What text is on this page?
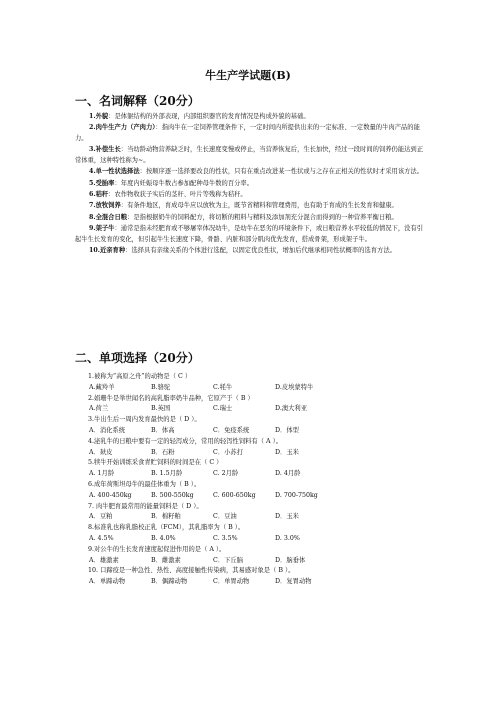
牛生产学试题(B)
一、名词解释（20分）

1.外貌：是体躯结构的外部表现，内部组织器官的发育情况是构成外貌的基础。

2.肉牛生产力（产肉力）：指肉牛在一定饲养管理条件下，一定时间内所提供出来的一定标准、一定数量的牛肉产品的能力。

3.补偿生长：当幼龄动物营养缺乏时，生长速度变慢或停止，当营养恢复后，生长加快，经过一段时间的饲养仍能达到正常体重，这种特性称为~。

4.单一性状选择法：按顺序逐一选择要改良的性状，只有在重点改进某一性状或与之存在正相关的性状时才采用该方法。

5.受胎率：年度内妊娠母牛数占参加配种母牛数的百分率。

6.秸秆：农作物收获子实后的茎秆、叶片等残称为秸秆。

7.放牧饲养：有条件地区，育成母牛应以放牧为主，既节省精料和管理费用，也有助于育成的生长发育和健康。

8.全混合日粮：是指根据奶牛的饲料配方，将切断的粗料与精料及添加剂充分混合而得到的一种营养平衡日粮。

9.架子牛：通常是指未经肥育或不够屠宰体况幼牛，是幼牛在恶劣的环境条件下，或日粮营养水平较低的情况下，没有引起牛生长发育的变化，但引起牛生长速度下降，骨骼、内脏和部分肌肉优先发育，搭成骨架，形成架子牛。

10.近亲育种：选择具有亲缘关系的个体进行选配，以固定优良性状，增加后代继承相同性状概率的选育方法。

二、单项选择（20分）
1.被称为“高原之舟”的动物是（ C ）
A.藏羚羊	B.骆驼	C.牦牛	D.皮埃蒙特牛
2.娟珊牛是举世闻名的高乳脂率奶牛品种，它原产于（ B ）
A.荷兰	B.英国	C.瑞士	D.澳大利亚
3.牛出生后一周内发育最快的是（ D ）。
A．消化系统	B．体高	C．免疫系统	D．体型
4.泌乳牛的日粮中要有一定的轻泻成分，常用的轻泻性饲料有（ A ）。
A．麸皮	B．石粉	C．小苏打	D．玉米
5.犊牛开始训练采食青贮饲料的时间是在（ C ）
A. 1月龄	B. 1.5月龄	C. 2月龄	D. 4月龄
6.成年荷斯坦母牛的最佳体重为（ B ）。
A. 400-450kg	B. 500-550kg	C. 600-650kg	D. 700-750kg
7. 肉牛肥育最常用的能量饲料是（ D ）。
A．豆粕	B．棉籽粕	C．豆油	D．玉米
8.标准乳也称乳脂校正乳（FCM），其乳脂率为（ B ）。
A. 4.5%	B. 4.0%	C. 3.5%	D. 3.0%
9.对公牛的生长发育速度起促进作用的是（ A ）。
A．雄激素	B．雌激素	C．下丘脑	D．脑垂体
10. 口蹄疫是一种急性、热性、高度接触性传染病，其易感对象是（ B ）。
A．单蹄动物	B．偶蹄动物	C．单胃动物	D．复胃动物
